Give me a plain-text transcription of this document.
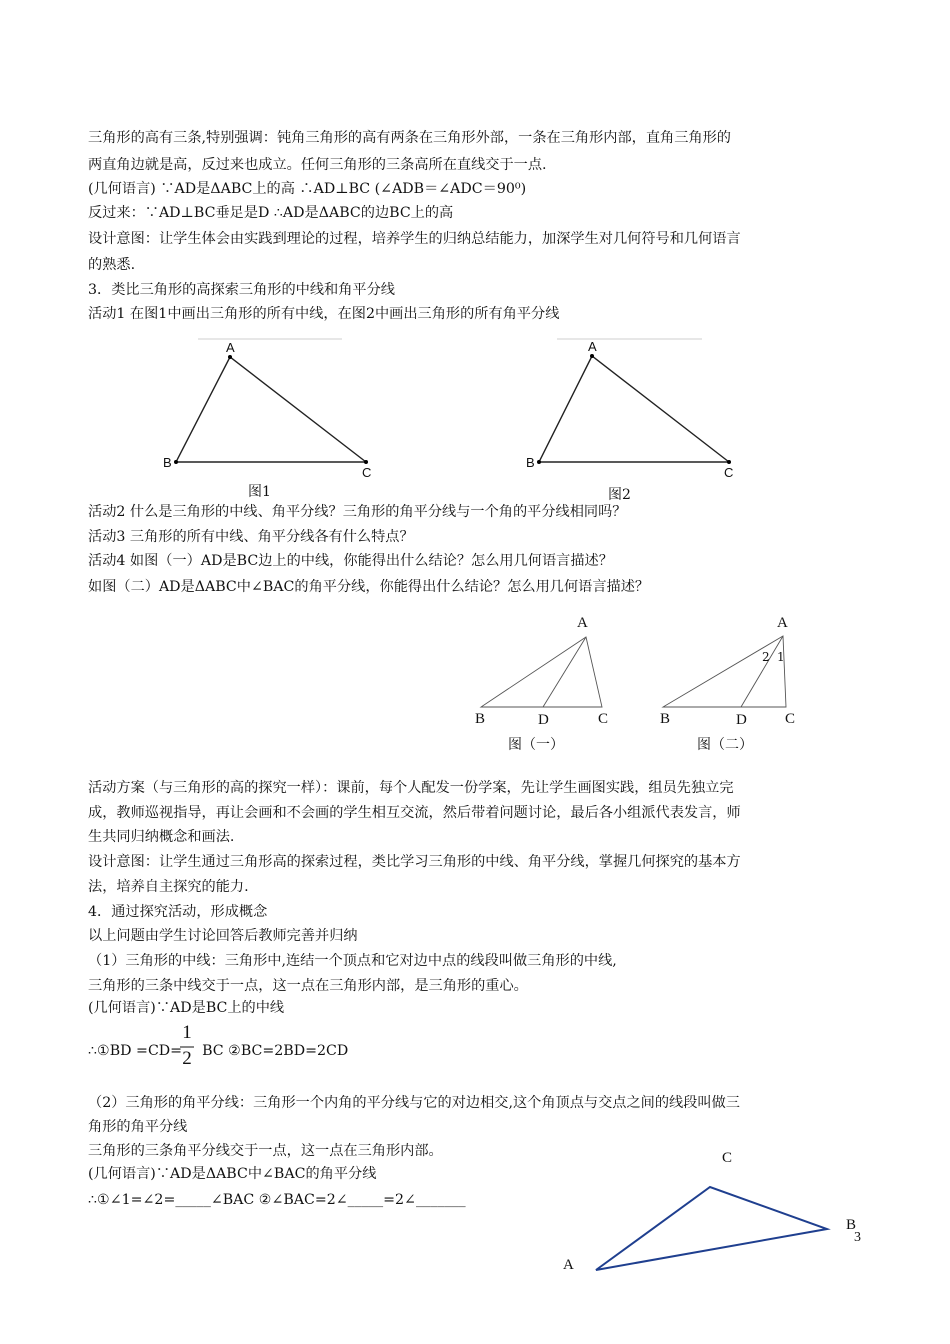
三角形的高有三条,特别强调：钝角三角形的高有两条在三角形外部，一条在三角形内部，直角三角形的
两直角边就是高，反过来也成立。任何三角形的三条高所在直线交于一点.
(几何语言) ∵AD是ΔABC上的高 ∴AD⊥BC (∠ADB＝∠ADC＝90⁰)
反过来：∵AD⊥BC垂足是D ∴AD是ΔABC的边BC上的高
设计意图：让学生体会由实践到理论的过程，培养学生的归纳总结能力，加深学生对几何符号和几何语言
的熟悉.
3．类比三角形的高探索三角形的中线和角平分线
活动1 在图1中画出三角形的所有中线，在图2中画出三角形的所有角平分线
A
B
C
图1
A
B
C
图2
活动2 什么是三角形的中线、角平分线？三角形的角平分线与一个角的平分线相同吗？
活动3 三角形的所有中线、角平分线各有什么特点？
活动4 如图（一）AD是BC边上的中线，你能得出什么结论？怎么用几何语言描述？
如图（二）AD是ΔABC中∠BAC的角平分线，你能得出什么结论？怎么用几何语言描述？
A
B	D	C
图（一）
A
2 1
B	D	C
图（二）
活动方案（与三角形的高的探究一样）：课前，每个人配发一份学案，先让学生画图实践，组员先独立完
成，教师巡视指导，再让会画和不会画的学生相互交流，然后带着问题讨论，最后各小组派代表发言，师
生共同归纳概念和画法.
设计意图：让学生通过三角形高的探索过程，类比学习三角形的中线、角平分线，掌握几何探究的基本方
法，培养自主探究的能力.
4．通过探究活动，形成概念
以上问题由学生讨论回答后教师完善并归纳
（1）三角形的中线：三角形中,连结一个顶点和它对边中点的线段叫做三角形的中线,
三角形的三条中线交于一点，这一点在三角形内部，是三角形的重心。
(几何语言)∵AD是BC上的中线
∴①BD =CD= BC ②BC=2BD=2CD
1
2
（2）三角形的角平分线：三角形一个内角的平分线与它的对边相交,这个角顶点与交点之间的线段叫做三
角形的角平分线
三角形的三条角平分线交于一点，这一点在三角形内部。
(几何语言)∵AD是ΔABC中∠BAC的角平分线
∴①∠1=∠2=_____∠BAC ②∠BAC=2∠_____=2∠_______
C
B
A
3
